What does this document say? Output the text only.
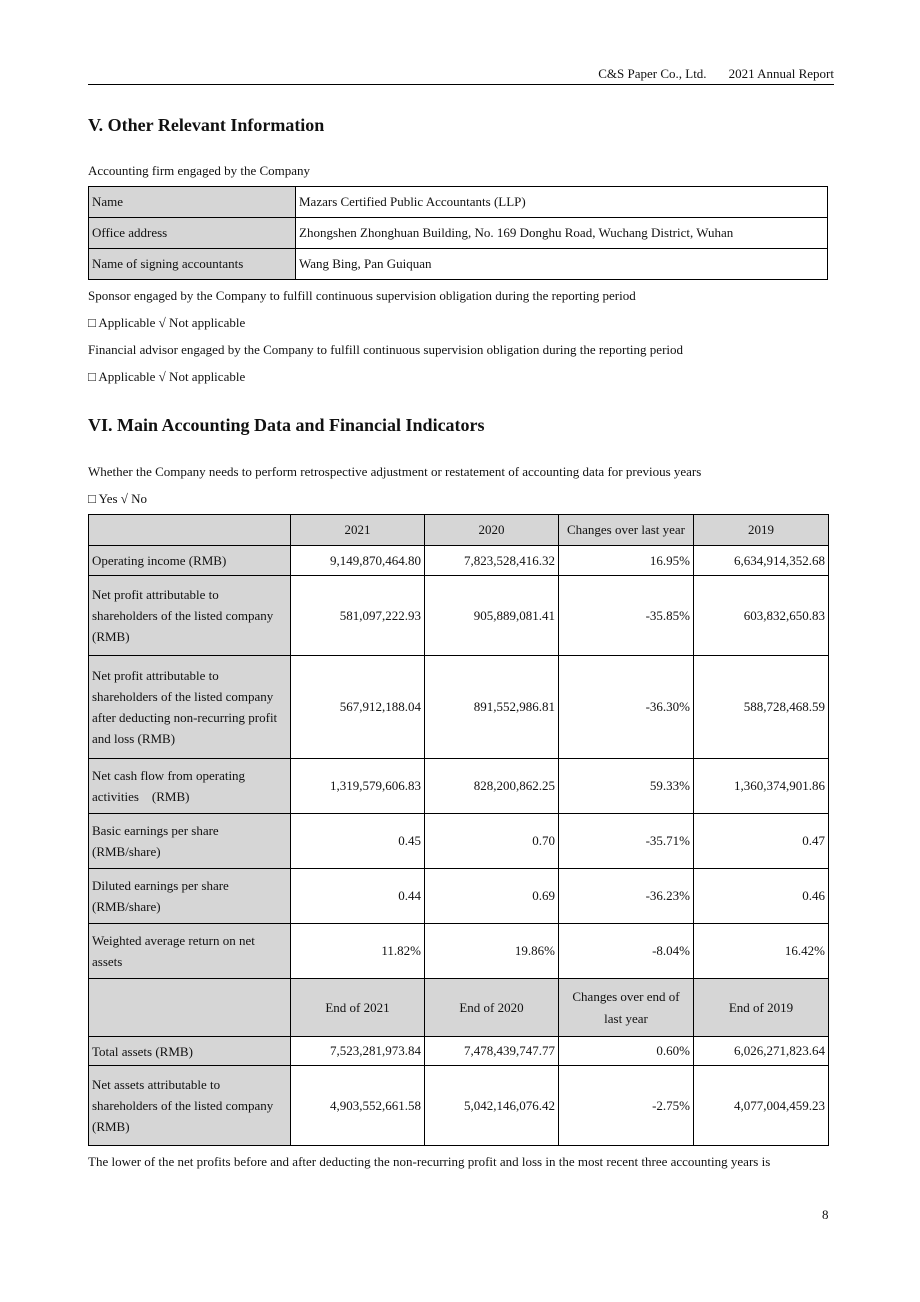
C&S Paper Co., Ltd. 2021 Annual Report
V. Other Relevant Information

Accounting firm engaged by the Company

Name	Mazars Certified Public Accountants (LLP)
Office address	Zhongshen Zhonghuan Building, No. 169 Donghu Road, Wuchang District, Wuhan
Name of signing accountants	Wang Bing, Pan Guiquan

Sponsor engaged by the Company to fulfill continuous supervision obligation during the reporting period

□ Applicable √ Not applicable

Financial advisor engaged by the Company to fulfill continuous supervision obligation during the reporting period

□ Applicable √ Not applicable

VI. Main Accounting Data and Financial Indicators

Whether the Company needs to perform retrospective adjustment or restatement of accounting data for previous years

□ Yes √ No

	2021	2020	Changes over last year	2019
Operating income (RMB)	9,149,870,464.80	7,823,528,416.32	16.95%	6,634,914,352.68
Net profit attributable to shareholders of the listed company (RMB)	581,097,222.93	905,889,081.41	-35.85%	603,832,650.83
Net profit attributable to shareholders of the listed company after deducting non-recurring profit and loss (RMB)	567,912,188.04	891,552,986.81	-36.30%	588,728,468.59
Net cash flow from operating activities　(RMB)	1,319,579,606.83	828,200,862.25	59.33%	1,360,374,901.86
Basic earnings per share (RMB/share)	0.45	0.70	-35.71%	0.47
Diluted earnings per share (RMB/share)	0.44	0.69	-36.23%	0.46
Weighted average return on net assets	11.82%	19.86%	-8.04%	16.42%
	End of 2021	End of 2020	Changes over end of last year	End of 2019
Total assets (RMB)	7,523,281,973.84	7,478,439,747.77	0.60%	6,026,271,823.64
Net assets attributable to shareholders of the listed company (RMB)	4,903,552,661.58	5,042,146,076.42	-2.75%	4,077,004,459.23

The lower of the net profits before and after deducting the non-recurring profit and loss in the most recent three accounting years is

8
